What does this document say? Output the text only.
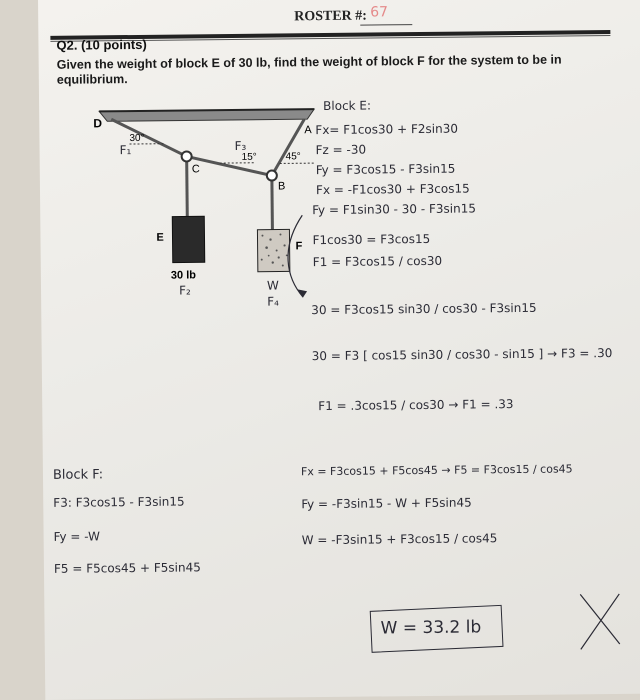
ROSTER #: 67
Q2. (10 points)
Given the weight of block E of 30 lb, find the weight of block F for the system to be in equilibrium.
D	A
C
B
E
F
30°
15°	45°
30 lb
F₁	F₃
F₂	W
F₄
Block E:
Fx= F1cos30 + F2sin30
Fz = -30
Fy = F3cos15 - F3sin15
Fx = -F1cos30 + F3cos15
Fy = F1sin30 - 30 - F3sin15
F1cos30 = F3cos15
F1 = F3cos15 / cos30
30 = F3cos15 sin30 / cos30 - F3sin15
30 = F3 [ cos15 sin30 / cos30 - sin15 ] → F3 = .30
F1 = .3cos15 / cos30 → F1 = .33
Block F:
F3: F3cos15 - F3sin15
Fy = -W
F5 = F5cos45 + F5sin45
Fx = F3cos15 + F5cos45 → F5 = F3cos15 / cos45
Fy = -F3sin15 - W + F5sin45
W = -F3sin15 + F3cos15 / cos45
W = 33.2 lb
